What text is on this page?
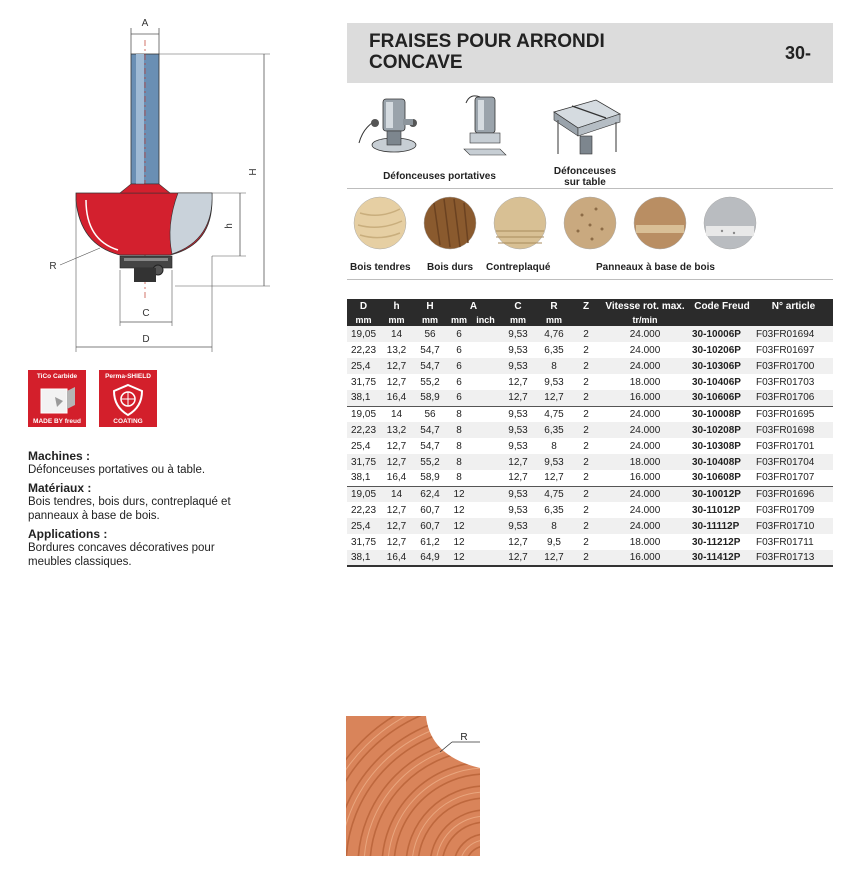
A
H
h
R
C
D
FRAISES POUR ARRONDI CONCAVE	30-
Défonceuses portatives	Défonceuses sur table
Bois tendres Bois durs Contreplaqué	Panneaux à base de bois
D	h	H	A		C	R	Z	Vitesse rot. max.	Code Freud	N° article
mm	mm	mm	mm	inch	mm	mm		tr/min		
19,05	14	56	6		9,53	4,76	2	24.000	30-10006P	F03FR01694
22,23	13,2	54,7	6		9,53	6,35	2	24.000	30-10206P	F03FR01697
25,4	12,7	54,7	6		9,53	8	2	24.000	30-10306P	F03FR01700
31,75	12,7	55,2	6		12,7	9,53	2	18.000	30-10406P	F03FR01703
38,1	16,4	58,9	6		12,7	12,7	2	16.000	30-10606P	F03FR01706
19,05	14	56	8		9,53	4,75	2	24.000	30-10008P	F03FR01695
22,23	13,2	54,7	8		9,53	6,35	2	24.000	30-10208P	F03FR01698
25,4	12,7	54,7	8		9,53	8	2	24.000	30-10308P	F03FR01701
31,75	12,7	55,2	8		12,7	9,53	2	18.000	30-10408P	F03FR01704
38,1	16,4	58,9	8		12,7	12,7	2	16.000	30-10608P	F03FR01707
19,05	14	62,4	12		9,53	4,75	2	24.000	30-10012P	F03FR01696
22,23	12,7	60,7	12		9,53	6,35	2	24.000	30-11012P	F03FR01709
25,4	12,7	60,7	12		9,53	8	2	24.000	30-11112P	F03FR01710
31,75	12,7	61,2	12		12,7	9,5	2	18.000	30-11212P	F03FR01711
38,1	16,4	64,9	12		12,7	12,7	2	16.000	30-11412P	F03FR01713
TiCo Carbide
MADE BY freud
Perma-SHIELD
COATING
Machines :
Défonceuses portatives ou à table.
Matériaux :
Bois tendres, bois durs, contreplaqué et panneaux à base de bois.
Applications :
Bordures concaves décoratives pour meubles classiques.
R
